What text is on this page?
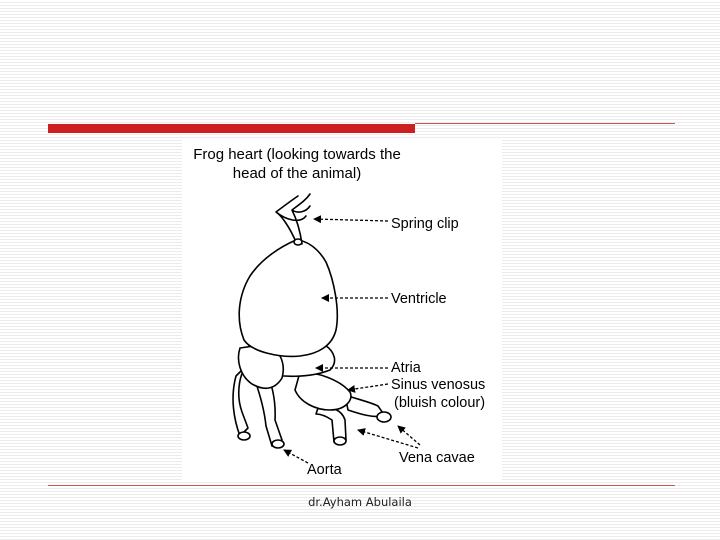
Frog heart (looking towards the
head of the animal)
Spring clip
Ventricle
Atria
Sinus venosus
(bluish colour)
Vena cavae
Aorta
dr.Ayham Abulaila
